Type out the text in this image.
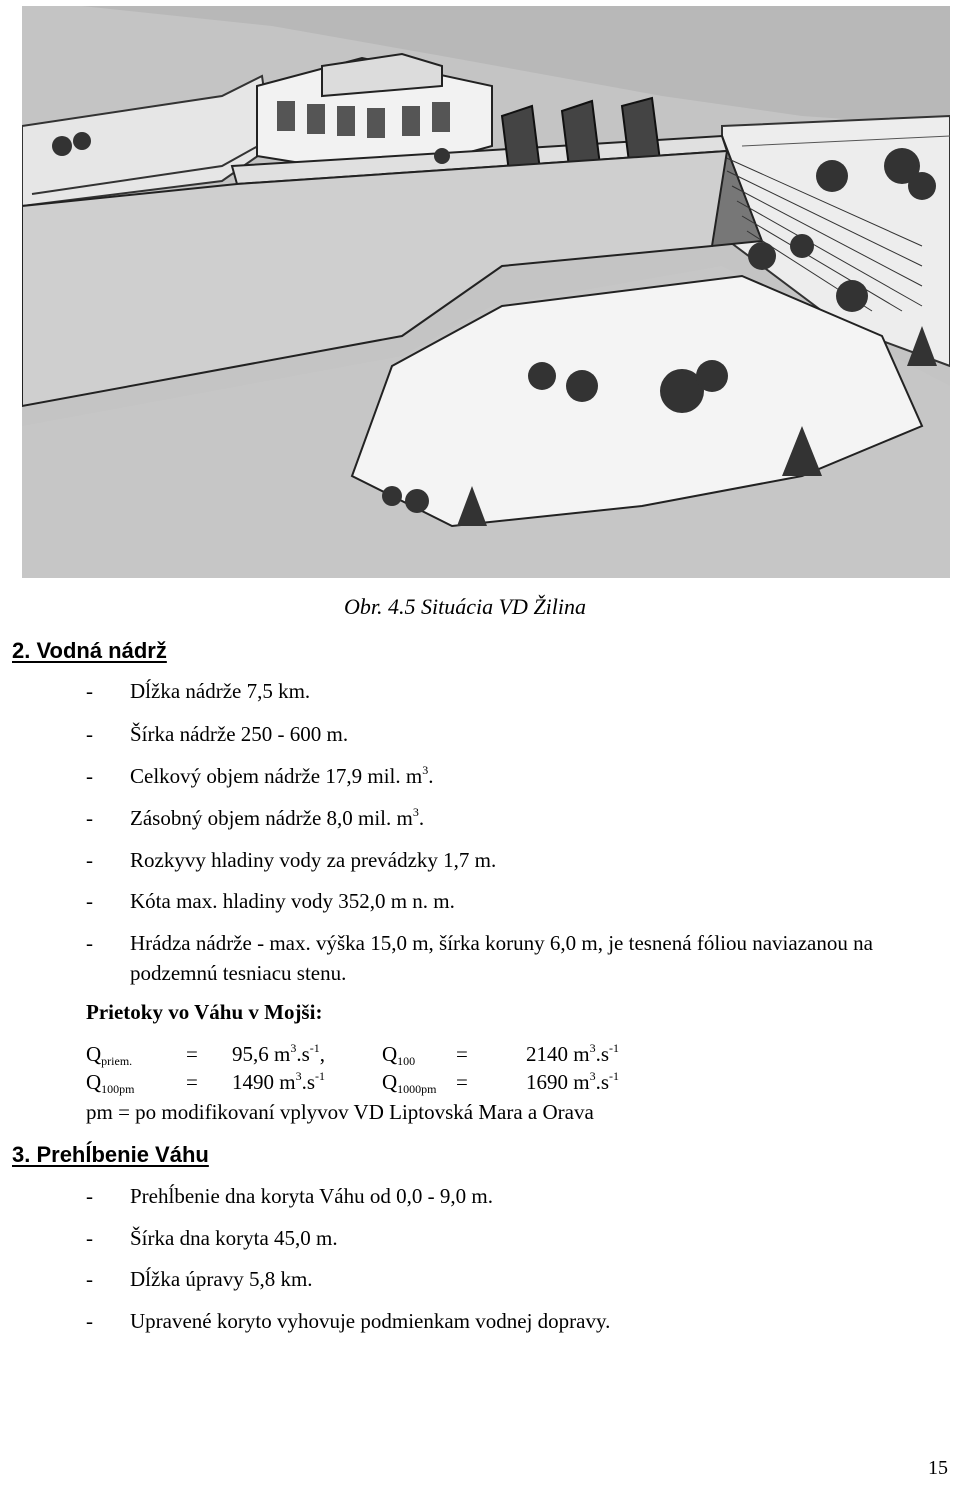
Obr. 4.5 Situácia VD Žilina
2. Vodná nádrž
- Dĺžka nádrže 7,5 km.
- Šírka nádrže 250 - 600 m.
- Celkový objem nádrže 17,9 mil. $m^3$.
- Zásobný objem nádrže 8,0 mil. $m^3$.
- Rozkyvy hladiny vody za prevádzky 1,7 m.
- Kóta max. hladiny vody 352,0 m n. m.
- Hrádza nádrže - max. výška 15,0 m, šírka koruny 6,0 m, je tesnená fóliou naviazanou na podzemnú tesniacu stenu.
Prietoky vo Váhu v Mojši:
$Q_{priem.}$	= 95,6 $m^3.s^{-1}$,	$Q_{100}$ =	2140 $m^3.s^{-1}$
$Q_{100pm} = 1490$ $m^3.s^{-1}$	$Q_{1000pm}$ =	1690 $m^3.s^{-1}$
pm = po modifikovaní vplyvov VD Liptovská Mara a Orava
3. Prehĺbenie Váhu
- Prehĺbenie dna koryta Váhu od 0,0 - 9,0 m.
- Šírka dna koryta 45,0 m.
- Dĺžka úpravy 5,8 km.
- Upravené koryto vyhovuje podmienkam vodnej dopravy.
15
